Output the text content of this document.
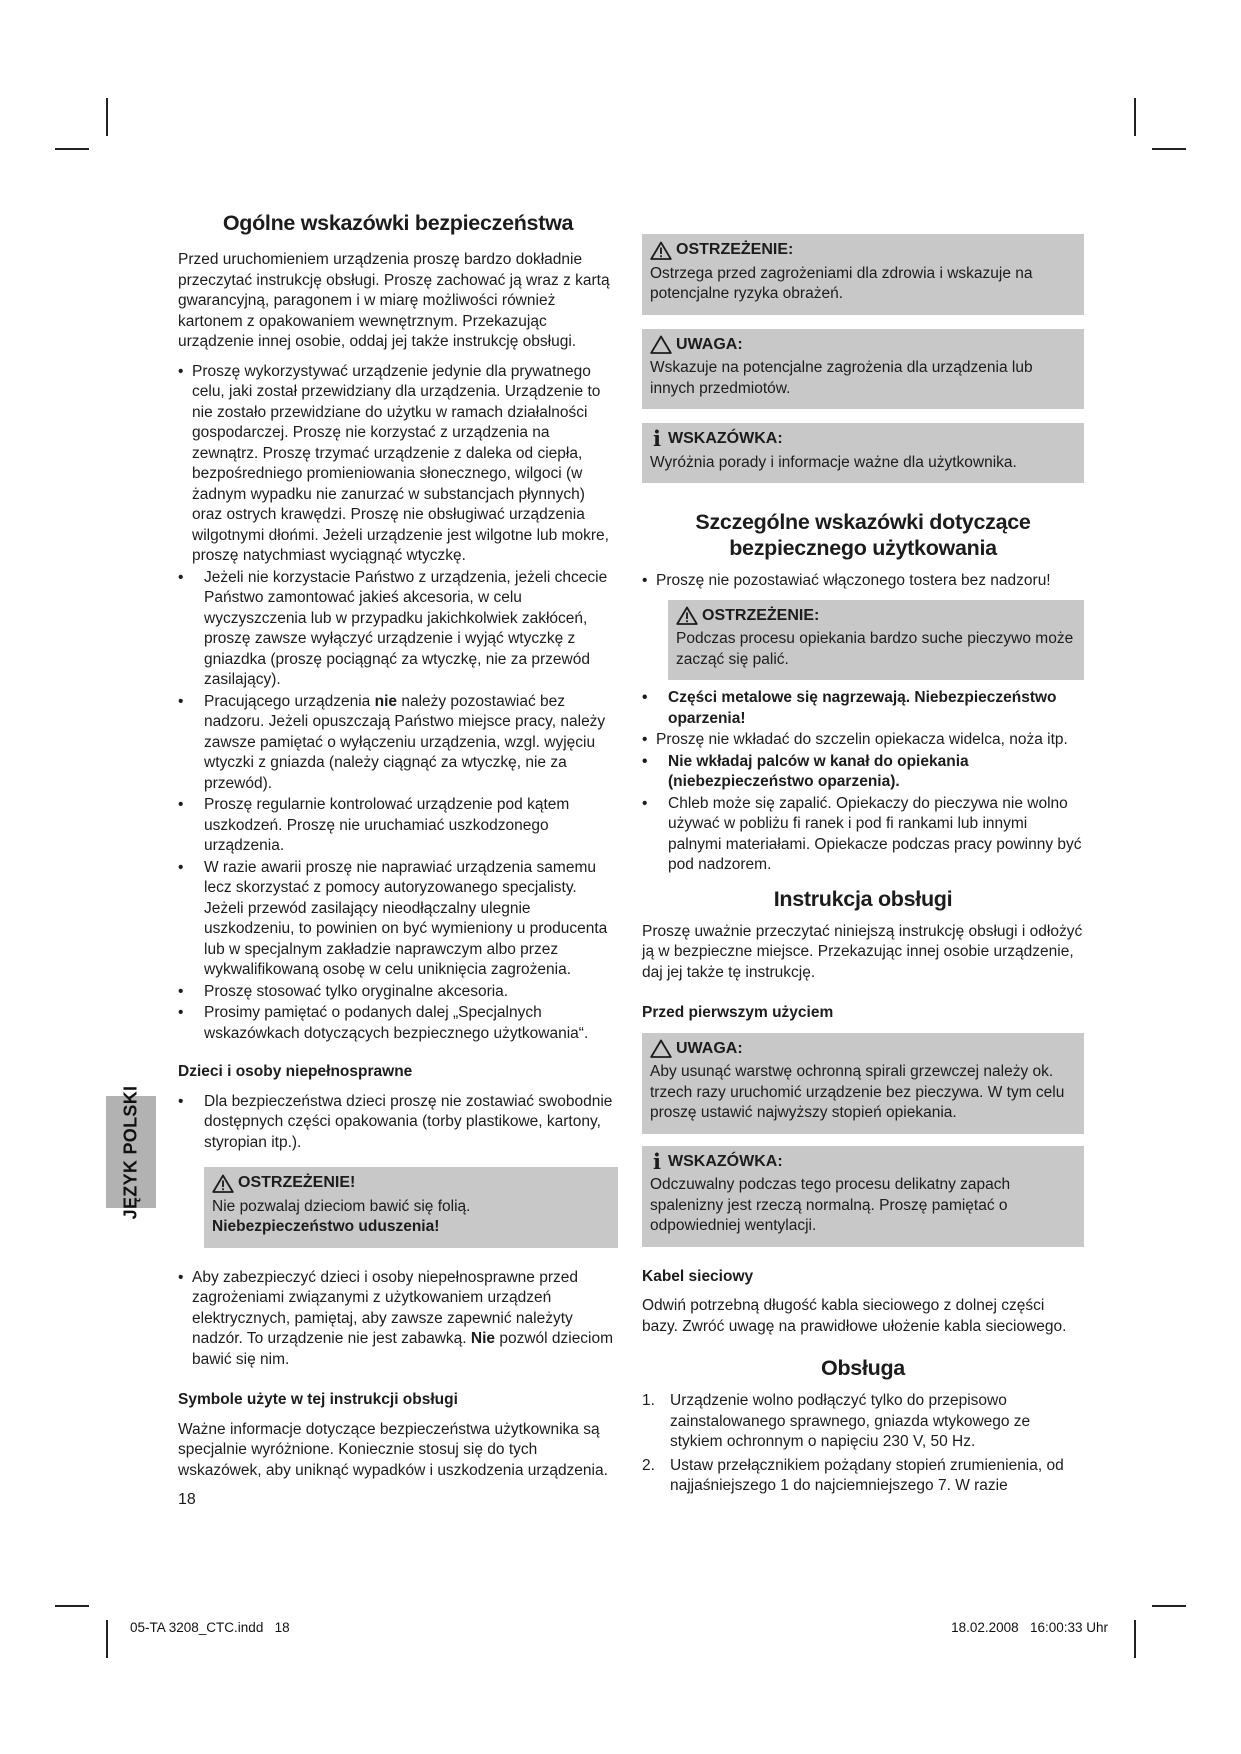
JĘZYK POLSKI
Ogólne wskazówki bezpieczeństwa

Przed uruchomieniem urządzenia proszę bardzo dokładnie przeczytać instrukcję obsługi. Proszę zachować ją wraz z kartą gwarancyjną, paragonem i w miarę możliwości również kartonem z opakowaniem wewnętrznym. Przekazując urządzenie innej osobie, oddaj jej także instrukcję obsługi.

• Proszę wykorzystywać urządzenie jedynie dla prywatnego celu, jaki został przewidziany dla urządzenia. Urządzenie to nie zostało przewidziane do użytku w ramach działalności gospodarczej. Proszę nie korzystać z urządzenia na zewnątrz. Proszę trzymać urządzenie z daleka od ciepła, bezpośredniego promieniowania słonecznego, wilgoci (w żadnym wypadku nie zanurzać w substancjach płynnych) oraz ostrych krawędzi. Proszę nie obsługiwać urządzenia wilgotnymi dłońmi. Jeżeli urządzenie jest wilgotne lub mokre, proszę natychmiast wyciągnąć wtyczkę.
• Jeżeli nie korzystacie Państwo z urządzenia, jeżeli chcecie Państwo zamontować jakieś akcesoria, w celu wyczyszczenia lub w przypadku jakichkolwiek zakłóceń, proszę zawsze wyłączyć urządzenie i wyjąć wtyczkę z gniazdka (proszę pociągnąć za wtyczkę, nie za przewód zasilający).
• Pracującego urządzenia nie należy pozostawiać bez nadzoru. Jeżeli opuszczają Państwo miejsce pracy, należy zawsze pamiętać o wyłączeniu urządzenia, wzgl. wyjęciu wtyczki z gniazda (należy ciągnąć za wtyczkę, nie za przewód).
• Proszę regularnie kontrolować urządzenie pod kątem uszkodzeń. Proszę nie uruchamiać uszkodzonego urządzenia.
• W razie awarii proszę nie naprawiać urządzenia samemu lecz skorzystać z pomocy autoryzowanego specjalisty. Jeżeli przewód zasilający nieodłączalny ulegnie uszkodzeniu, to powinien on być wymieniony u producenta lub w specjalnym zakładzie naprawczym albo przez wykwalifikowaną osobę w celu uniknięcia zagrożenia.
• Proszę stosować tylko oryginalne akcesoria.
• Prosimy pamiętać o podanych dalej „Specjalnych wskazówkach dotyczących bezpiecznego użytkowania“.
Dzieci i osoby niepełnosprawne
• Dla bezpieczeństwa dzieci proszę nie zostawiać swobodnie dostępnych części opakowania (torby plastikowe, kartony, styropian itp.).
OSTRZEŻENIE!
Nie pozwalaj dzieciom bawić się folią.
Niebezpieczeństwo uduszenia!
• Aby zabezpieczyć dzieci i osoby niepełnosprawne przed zagrożeniami związanymi z użytkowaniem urządzeń elektrycznych, pamiętaj, aby zawsze zapewnić należyty nadzór. To urządzenie nie jest zabawką. Nie pozwól dzieciom bawić się nim.
Symbole użyte w tej instrukcji obsługi

Ważne informacje dotyczące bezpieczeństwa użytkownika są specjalnie wyróżnione. Koniecznie stosuj się do tych wskazówek, aby uniknąć wypadków i uszkodzenia urządzenia.

18
OSTRZEŻENIE:
Ostrzega przed zagrożeniami dla zdrowia i wskazuje na potencjalne ryzyka obrażeń.
UWAGA:
Wskazuje na potencjalne zagrożenia dla urządzenia lub innych przedmiotów.
i WSKAZÓWKA:
Wyróżnia porady i informacje ważne dla użytkownika.
Szczególne wskazówki dotyczące bezpiecznego użytkowania
• Proszę nie pozostawiać włączonego tostera bez nadzoru!
OSTRZEŻENIE:
Podczas procesu opiekania bardzo suche pieczywo może zacząć się palić.
• Części metalowe się nagrzewają. Niebezpieczeństwo oparzenia!
• Proszę nie wkładać do szczelin opiekacza widelca, noża itp.
• Nie wkładaj palców w kanał do opiekania (niebezpieczeństwo oparzenia).
• Chleb może się zapalić. Opiekaczy do pieczywa nie wolno używać w pobliżu fi ranek i pod fi rankami lub innymi palnymi materiałami. Opiekacze podczas pracy powinny być pod nadzorem.
Instrukcja obsługi

Proszę uważnie przeczytać niniejszą instrukcję obsługi i odłożyć ją w bezpieczne miejsce. Przekazując innej osobie urządzenie, daj jej także tę instrukcję.

Przed pierwszym użyciem
UWAGA:
Aby usunąć warstwę ochronną spirali grzewczej należy ok. trzech razy uruchomić urządzenie bez pieczywa. W tym celu proszę ustawić najwyższy stopień opiekania.
i WSKAZÓWKA:
Odczuwalny podczas tego procesu delikatny zapach spalenizny jest rzeczą normalną. Proszę pamiętać o odpowiedniej wentylacji.
Kabel sieciowy

Odwiń potrzebną długość kabla sieciowego z dolnej części bazy. Zwróć uwagę na prawidłowe ułożenie kabla sieciowego.

Obsługa
1. Urządzenie wolno podłączyć tylko do przepisowo zainstalowanego sprawnego, gniazda wtykowego ze stykiem ochronnym o napięciu 230 V, 50 Hz.
2. Ustaw przełącznikiem pożądany stopień zrumienienia, od najjaśniejszego 1 do najciemniejszego 7. W razie
05-TA 3208_CTC.indd   18	18.02.2008   16:00:33 Uhr
